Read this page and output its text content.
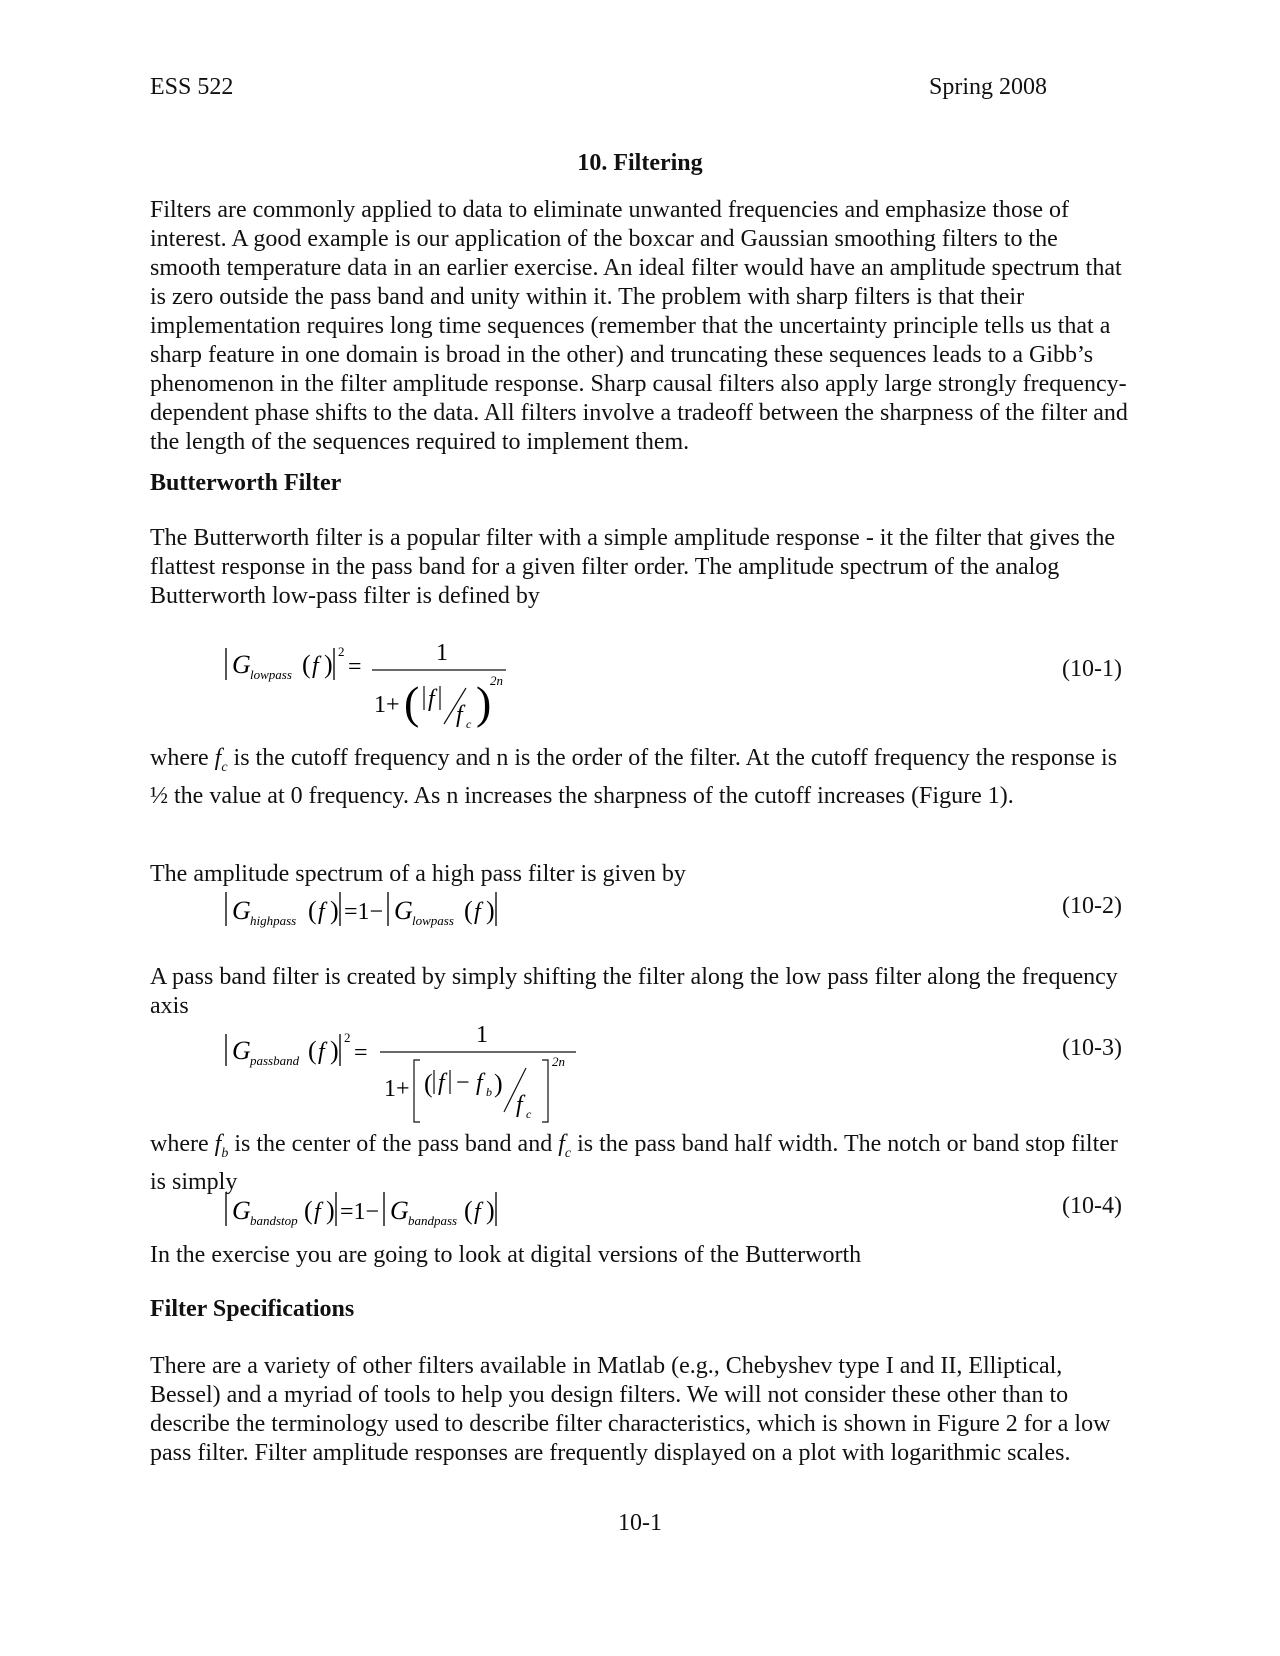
ESS 522	Spring 2008
10. Filtering

Filters are commonly applied to data to eliminate unwanted frequencies and emphasize those of interest. A good example is our application of the boxcar and Gaussian smoothing filters to the smooth temperature data in an earlier exercise. An ideal filter would have an amplitude spectrum that is zero outside the pass band and unity within it. The problem with sharp filters is that their implementation requires long time sequences (remember that the uncertainty principle tells us that a sharp feature in one domain is broad in the other) and truncating these sequences leads to a Gibb’s phenomenon in the filter amplitude response. Sharp causal filters also apply large strongly frequency-dependent phase shifts to the data. All filters involve a tradeoff between the sharpness of the filter and the length of the sequences required to implement them.

Butterworth Filter

The Butterworth filter is a popular filter with a simple amplitude response - it the filter that gives the flattest response in the pass band for a given filter order. The amplitude spectrum of the analog Butterworth low-pass filter is defined by

G lowpass ( f ) 2
=
1
1+ ( f
f c )
2n	(10-1)

where $f_c$ is the cutoff frequency and n is the order of the filter. At the cutoff frequency the response is ½ the value at 0 frequency. As n increases the sharpness of the cutoff increases (Figure 1).

The amplitude spectrum of a high pass filter is given by

G highpass ( f ) =1− G lowpass ( f )	(10-2)

A pass band filter is created by simply shifting the filter along the low pass filter along the frequency axis

G passband ( f ) 2
=
1
1+ ( f − f b )
f c
2n
(10-3)

where $f_b$ is the center of the pass band and $f_c$ is the pass band half width. The notch or band stop filter is simply

G bandstop ( f ) =1− G bandpass ( f )	(10-4)

In the exercise you are going to look at digital versions of the Butterworth

Filter Specifications

There are a variety of other filters available in Matlab (e.g., Chebyshev type I and II, Elliptical, Bessel) and a myriad of tools to help you design filters. We will not consider these other than to describe the terminology used to describe filter characteristics, which is shown in Figure 2 for a low pass filter. Filter amplitude responses are frequently displayed on a plot with logarithmic scales.

10-1
